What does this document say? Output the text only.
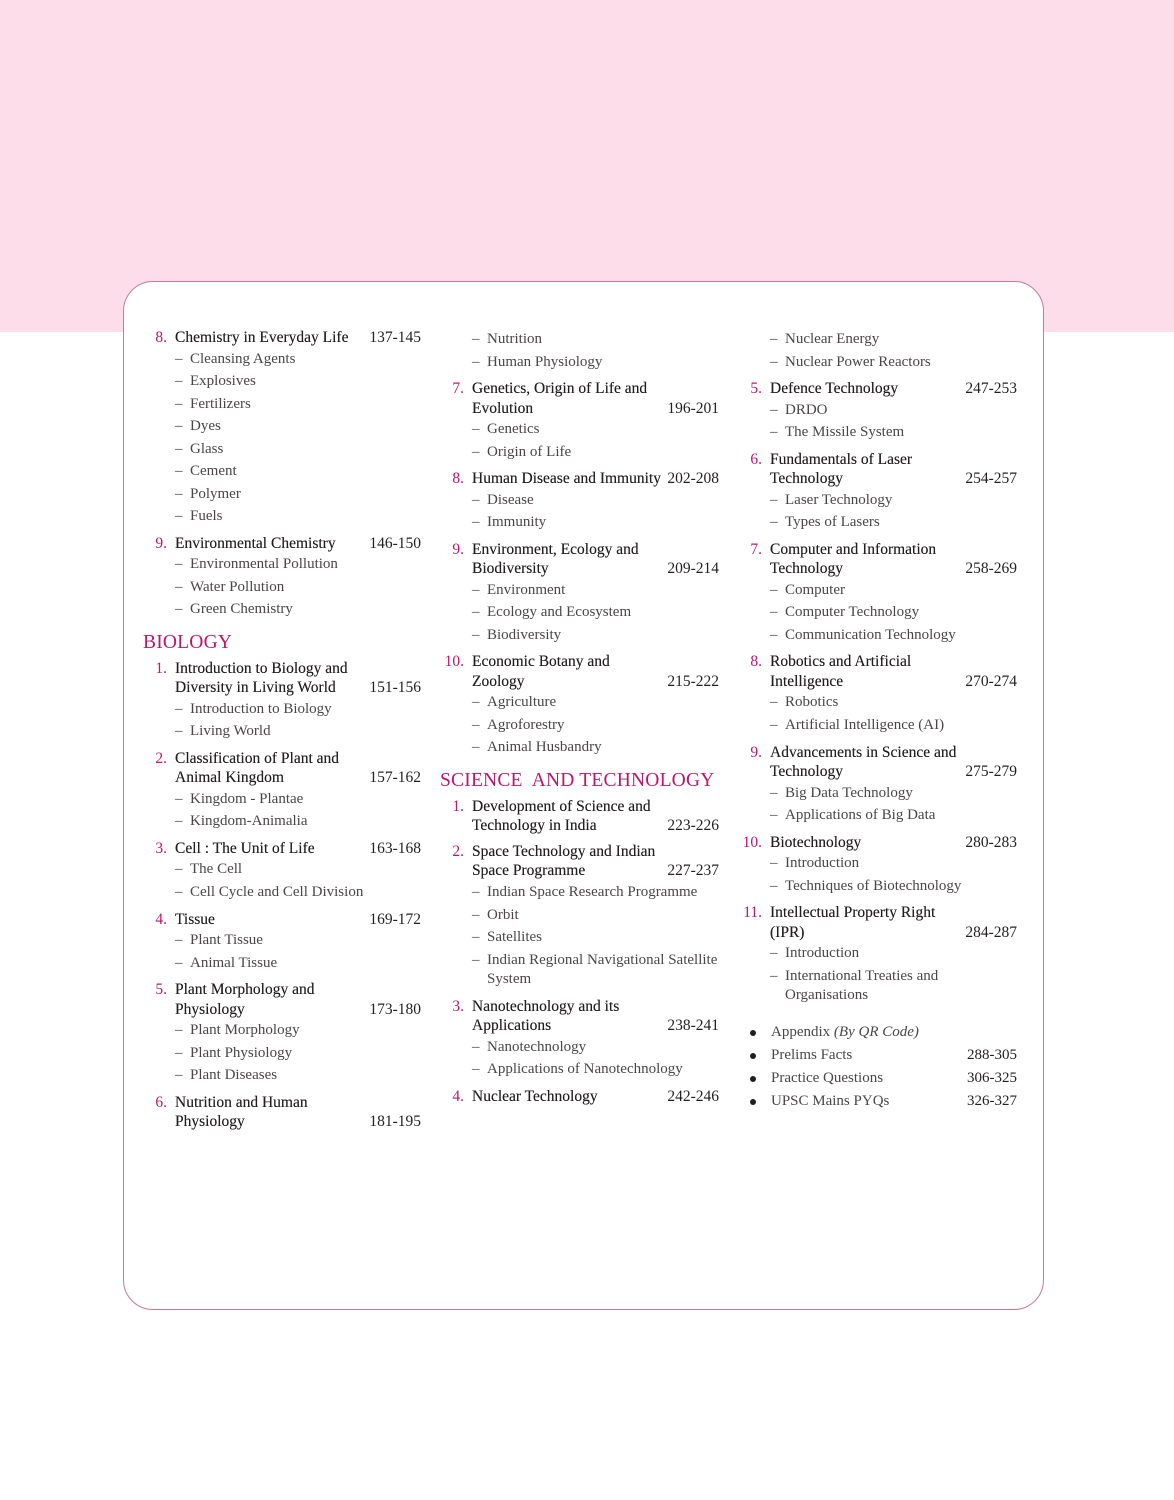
8. Chemistry in Everyday Life	137-145
– Cleansing Agents
– Explosives
– Fertilizers
– Dyes
– Glass
– Cement
– Polymer
– Fuels
9. Environmental Chemistry	146-150
– Environmental Pollution
– Water Pollution
– Green Chemistry
BIOLOGY
1. Introduction to Biology and Diversity in Living World	151-156
– Introduction to Biology
– Living World
2. Classification of Plant and Animal Kingdom	157-162
– Kingdom - Plantae
– Kingdom-Animalia
3. Cell : The Unit of Life	163-168
– The Cell
– Cell Cycle and Cell Division
4. Tissue	169-172
– Plant Tissue
– Animal Tissue
5. Plant Morphology and Physiology	173-180
– Plant Morphology
– Plant Physiology
– Plant Diseases
6. Nutrition and Human Physiology	181-195
– Nutrition
– Human Physiology
7. Genetics, Origin of Life and Evolution	196-201
– Genetics
– Origin of Life
8. Human Disease and Immunity 202-208
– Disease
– Immunity
9. Environment, Ecology and Biodiversity	209-214
– Environment
– Ecology and Ecosystem
– Biodiversity
10. Economic Botany and Zoology	215-222
– Agriculture
– Agroforestry
– Animal Husbandry
SCIENCE  AND TECHNOLOGY
1. Development of Science and Technology in India	223-226
2. Space Technology and Indian Space Programme	227-237
– Indian Space Research Programme
– Orbit
– Satellites
– Indian Regional Navigational Satellite System
3. Nanotechnology and its Applications	238-241
– Nanotechnology
– Applications of Nanotechnology
4. Nuclear Technology	242-246
– Nuclear Energy
– Nuclear Power Reactors
5. Defence Technology	247-253
– DRDO
– The Missile System
6. Fundamentals of Laser Technology	254-257
– Laser Technology
– Types of Lasers
7. Computer and Information Technology	258-269
– Computer
– Computer Technology
– Communication Technology
8. Robotics and Artificial Intelligence	270-274
– Robotics
– Artificial Intelligence (AI)
9. Advancements in Science and Technology	275-279
– Big Data Technology
– Applications of Big Data
10. Biotechnology	280-283
– Introduction
– Techniques of Biotechnology
11. Intellectual Property Right (IPR)	284-287
– Introduction
– International Treaties and Organisations
Appendix (By QR Code)
Prelims Facts	288-305
Practice Questions	306-325
UPSC Mains PYQs	326-327
